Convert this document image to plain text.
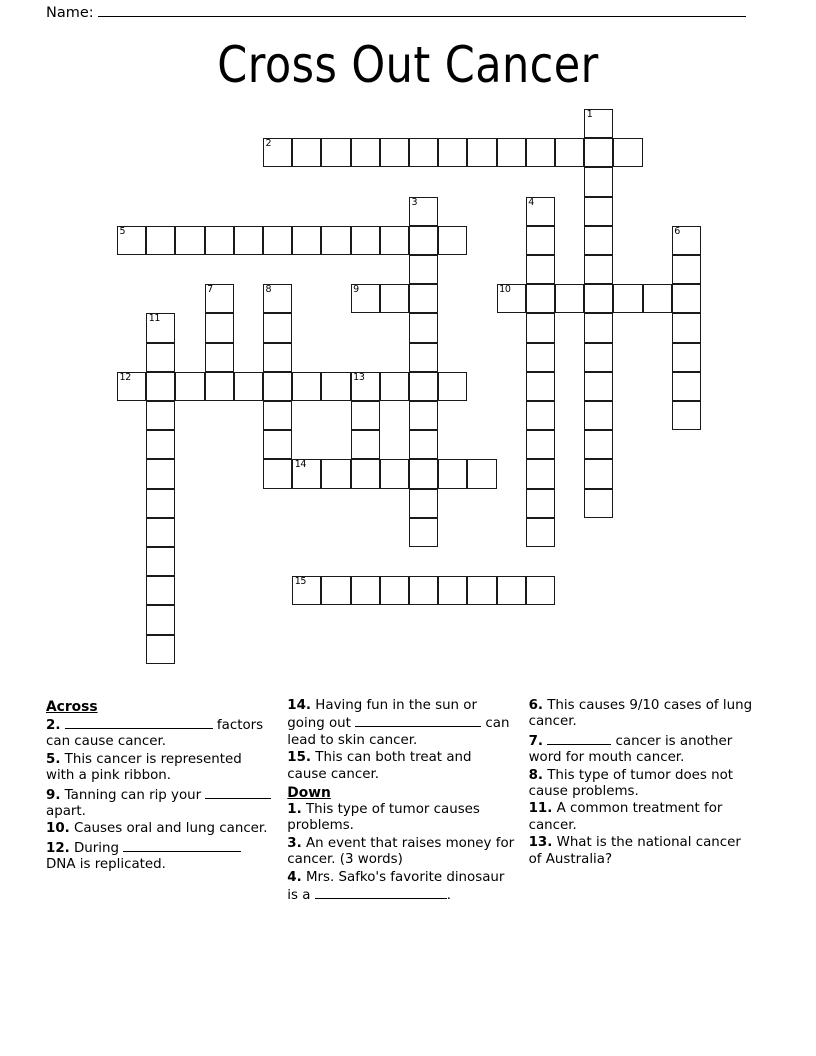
Name:
Cross Out Cancer
1
2
3	4
5	6
7	8	9	10
11
12	13
14
15
Across
2.	factors can cause cancer.
5. This cancer is represented with a pink ribbon.
9. Tanning can rip your  apart.
10. Causes oral and lung cancer.
12. During  DNA is replicated.
14. Having fun in the sun or going out	can lead to skin cancer.
15. This can both treat and cause cancer.
Down
1. This type of tumor causes problems.
3. An event that raises money for cancer. (3 words)
4. Mrs. Safko's favorite dinosaur is a	.
6. This causes 9/10 cases of lung cancer.
7.	cancer is another word for mouth cancer.
8. This type of tumor does not cause problems.
11. A common treatment for cancer.
13. What is the national cancer of Australia?
